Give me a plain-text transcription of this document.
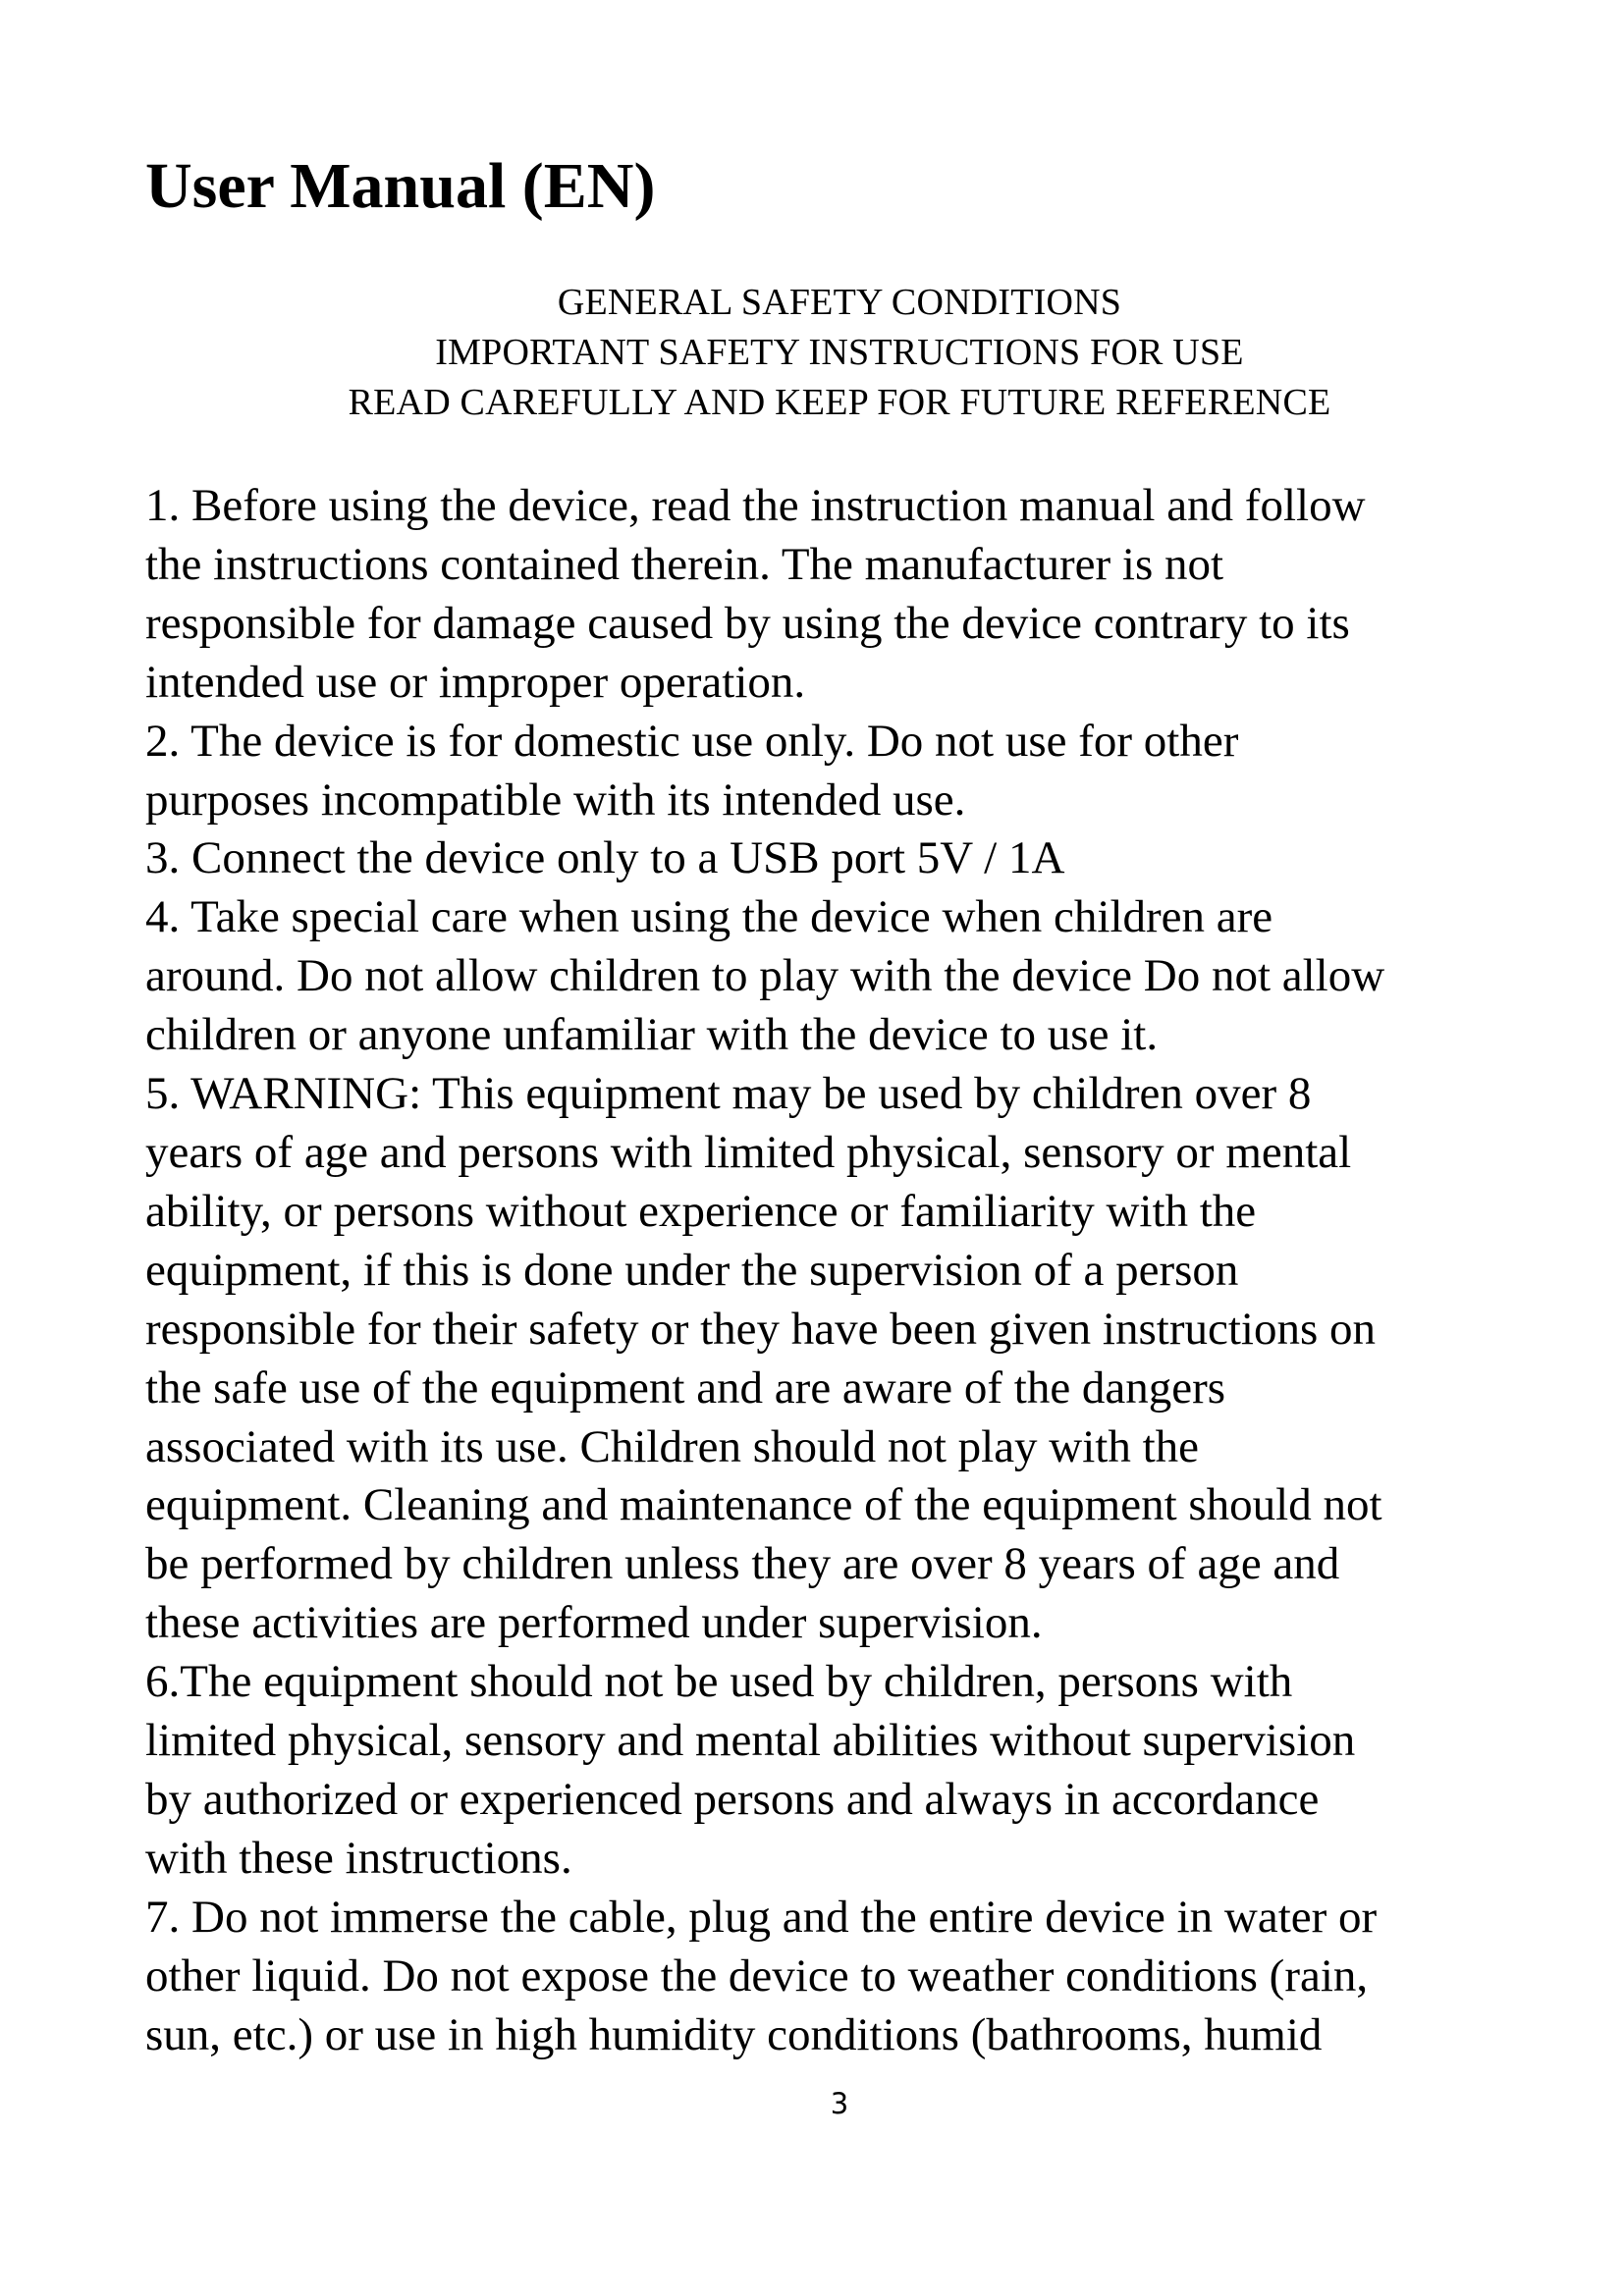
User Manual (EN)
GENERAL SAFETY CONDITIONS
IMPORTANT SAFETY INSTRUCTIONS FOR USE
READ CAREFULLY AND KEEP FOR FUTURE REFERENCE
1. Before using the device, read the instruction manual and follow
the instructions contained therein. The manufacturer is not
responsible for damage caused by using the device contrary to its
intended use or improper operation.
2. The device is for domestic use only. Do not use for other
purposes incompatible with its intended use.
3. Connect the device only to a USB port 5V / 1A
4. Take special care when using the device when children are
around. Do not allow children to play with the device Do not allow
children or anyone unfamiliar with the device to use it.
5. WARNING: This equipment may be used by children over 8
years of age and persons with limited physical, sensory or mental
ability, or persons without experience or familiarity with the
equipment, if this is done under the supervision of a person
responsible for their safety or they have been given instructions on
the safe use of the equipment and are aware of the dangers
associated with its use. Children should not play with the
equipment. Cleaning and maintenance of the equipment should not
be performed by children unless they are over 8 years of age and
these activities are performed under supervision.
6.The equipment should not be used by children, persons with
limited physical, sensory and mental abilities without supervision
by authorized or experienced persons and always in accordance
with these instructions.
7. Do not immerse the cable, plug and the entire device in water or
other liquid. Do not expose the device to weather conditions (rain,
sun, etc.) or use in high humidity conditions (bathrooms, humid
3
